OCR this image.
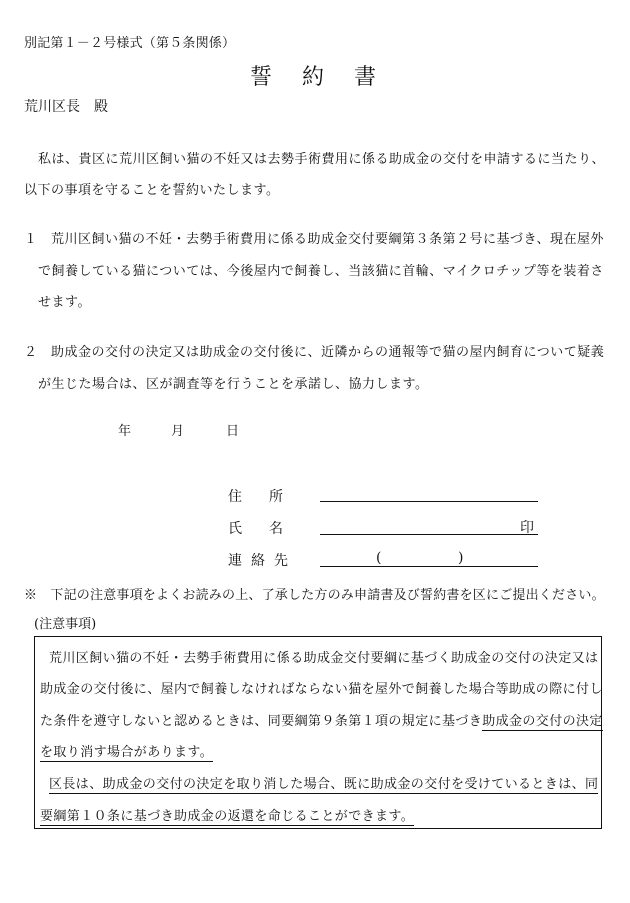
別記第１－２号様式（第５条関係）
誓　約　書
荒川区長　殿
私は、貴区に荒川区飼い猫の不妊又は去勢手術費用に係る助成金の交付を申請するに当たり、
以下の事項を守ることを誓約いたします。
１　荒川区飼い猫の不妊・去勢手術費用に係る助成金交付要綱第３条第２号に基づき、現在屋外
で飼養している猫については、今後屋内で飼養し、当該猫に首輪、マイクロチップ等を装着さ
せます。
２　助成金の交付の決定又は助成金の交付後に、近隣からの通報等で猫の屋内飼育について疑義
が生じた場合は、区が調査等を行うことを承諾し、協力します。
年	月	日
住所
氏名	印
連絡先	(	)
※　下記の注意事項をよくお読みの上、了承した方のみ申請書及び誓約書を区にご提出ください。
(注意事項)
荒川区飼い猫の不妊・去勢手術費用に係る助成金交付要綱に基づく助成金の交付の決定又は
助成金の交付後に、屋内で飼養しなければならない猫を屋外で飼養した場合等助成の際に付し
た条件を遵守しないと認めるときは、同要綱第９条第１項の規定に基づき助成金の交付の決定
を取り消す場合があります。
区長は、助成金の交付の決定を取り消した場合、既に助成金の交付を受けているときは、同
要綱第１０条に基づき助成金の返還を命じることができます。
